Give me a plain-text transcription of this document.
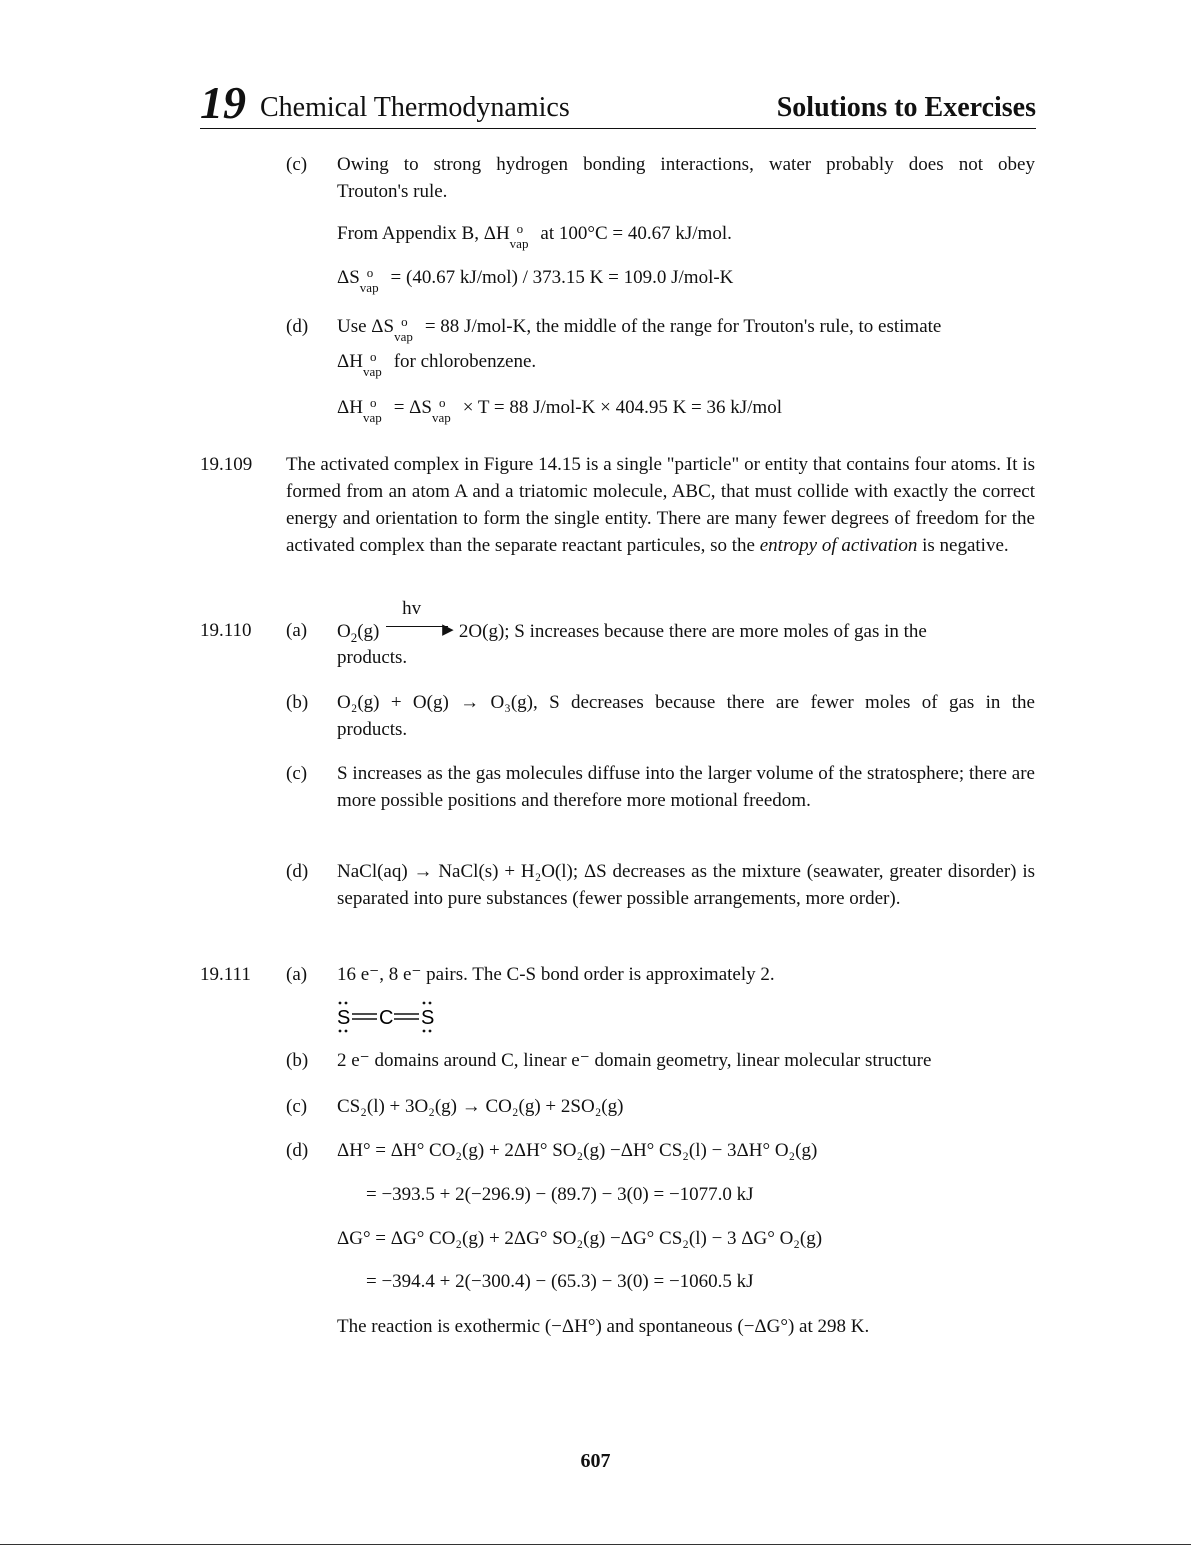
19 Chemical Thermodynamics	Solutions to Exercises
(c) Owing to strong hydrogen bonding interactions, water probably does not obey
Trouton's rule.
From Appendix B, ΔH o
vap at 100°C = 40.67 kJ/mol.
ΔS o
vap = (40.67 kJ/mol) / 373.15 K = 109.0 J/mol-K
(d) Use ΔS o
vap = 88 J/mol-K, the middle of the range for Trouton's rule, to estimate
ΔH o
vap for chlorobenzene.
ΔH o
vap = ΔS o
vap × T = 88 J/mol-K × 404.95 K = 36 kJ/mol
19.109 The activated complex in Figure 14.15 is a single "particle" or entity that contains four atoms. It is formed from an atom A and a triatomic molecule, ABC, that must collide with exactly the correct energy and orientation to form the single entity. There are many fewer degrees of freedom for the activated complex than the separate reactant particules, so the entropy of activation is negative.
19.110 (a) $O_2(g)$
hv
▶ 2O(g); S increases because there are more moles of gas in the
products.
(b) O₂(g) + O(g) → O₃(g), S decreases because there are fewer moles of gas in the
products.
(c) S increases as the gas molecules diffuse into the larger volume of the stratosphere; there are more possible positions and therefore more motional freedom.
(d) NaCl(aq) → NaCl(s) + H₂O(l); ΔS decreases as the mixture (seawater, greater disorder) is separated into pure substances (fewer possible arrangements, more order).
19.111 (a) 16 e⁻, 8 e⁻ pairs. The C-S bond order is approximately 2.
S C S
(b) 2 e⁻ domains around C, linear e⁻ domain geometry, linear molecular structure
(c) CS₂(l) + 3O₂(g) → CO₂(g) + 2SO₂(g)
(d) ΔH° = ΔH° CO₂(g) + 2ΔH° SO₂(g) −ΔH° CS₂(l) − 3ΔH° O₂(g)
= −393.5 + 2(−296.9) − (89.7) − 3(0) = −1077.0 kJ
ΔG° = ΔG° CO₂(g) + 2ΔG° SO₂(g) −ΔG° CS₂(l) − 3 ΔG° O₂(g)
= −394.4 + 2(−300.4) − (65.3) − 3(0) = −1060.5 kJ
The reaction is exothermic (−ΔH°) and spontaneous (−ΔG°) at 298 K.
607
